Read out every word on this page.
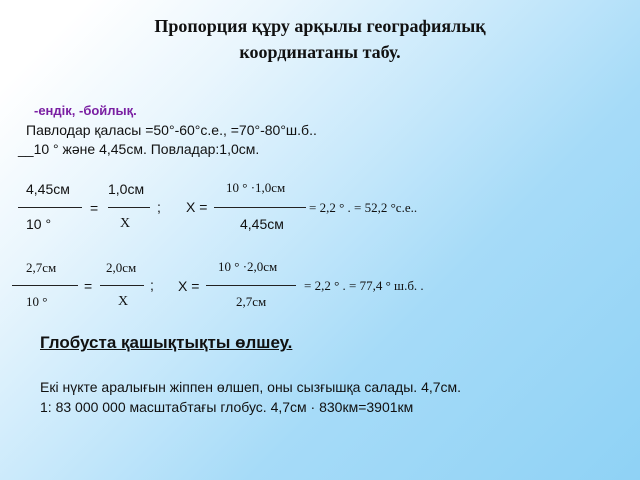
Пропорция құру арқылы географиялық
координатаны табу.
-ендік, -бойлық.
Павлодар қаласы =50°-60°с.е., =70°-80°ш.б..
__10 ° және 4,45см. Повладар:1,0см.
4,45см
10 °
=
1,0см
X
; X =
10 ° ·1,0см
4,45см
= 2,2 ° . = 52,2 °с.е..
2,7см
10 °
=
2,0см
X
; X =
10 ° ·2,0см
2,7см
= 2,2 ° . = 77,4 ° ш.б. .
Глобуста қашықтықты өлшеу.
Екі нүкте аралығын жіппен өлшеп, оны сызғышқа салады. 4,7см.
1: 83 000 000 масштабтағы глобус. 4,7см · 830км=3901км
